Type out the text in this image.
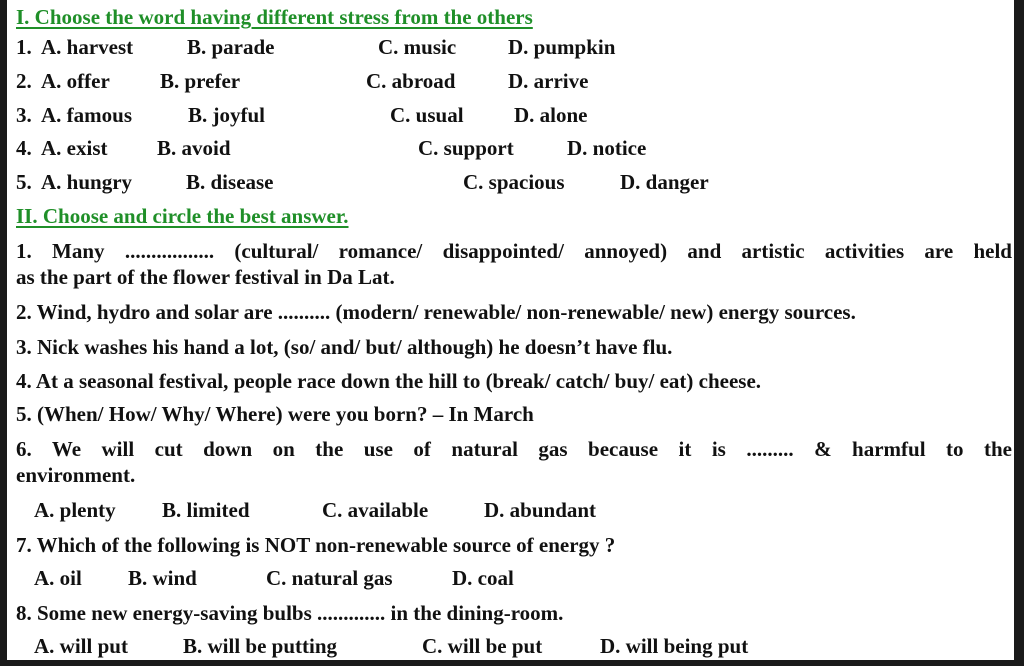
I. Choose the word having different stress from the others
1. A. harvest	B. parade	C. music D. pumpkin
2. A. offer B. prefer	C. abroad	D. arrive
3. A. famous	B. joyful	C. usual D. alone
4. A. exist B. avoid	C. support	D. notice
5. A. hungry	B. disease	C. spacious	D. danger
II. Choose and circle the best answer.
1. Many ................. (cultural/ romance/ disappointed/ annoyed) and artistic activities are held
as the part of the flower festival in Da Lat.
2. Wind, hydro and solar are .......... (modern/ renewable/ non-renewable/ new) energy sources.
3. Nick washes his hand a lot, (so/ and/ but/ although) he doesn’t have flu.
4. At a seasonal festival, people race down the hill to (break/ catch/ buy/ eat) cheese.
5. (When/ How/ Why/ Where) were you born? – In March
6. We will cut down on the use of natural gas because it is ......... & harmful to the
environment.
A. plenty B. limited	C. available	D. abundant
7. Which of the following is NOT non-renewable source of energy ?
A. oil B. wind	C. natural gas	D. coal
8. Some new energy-saving bulbs ............. in the dining-room.
A. will put	B. will be putting	C. will be put	D. will being put
